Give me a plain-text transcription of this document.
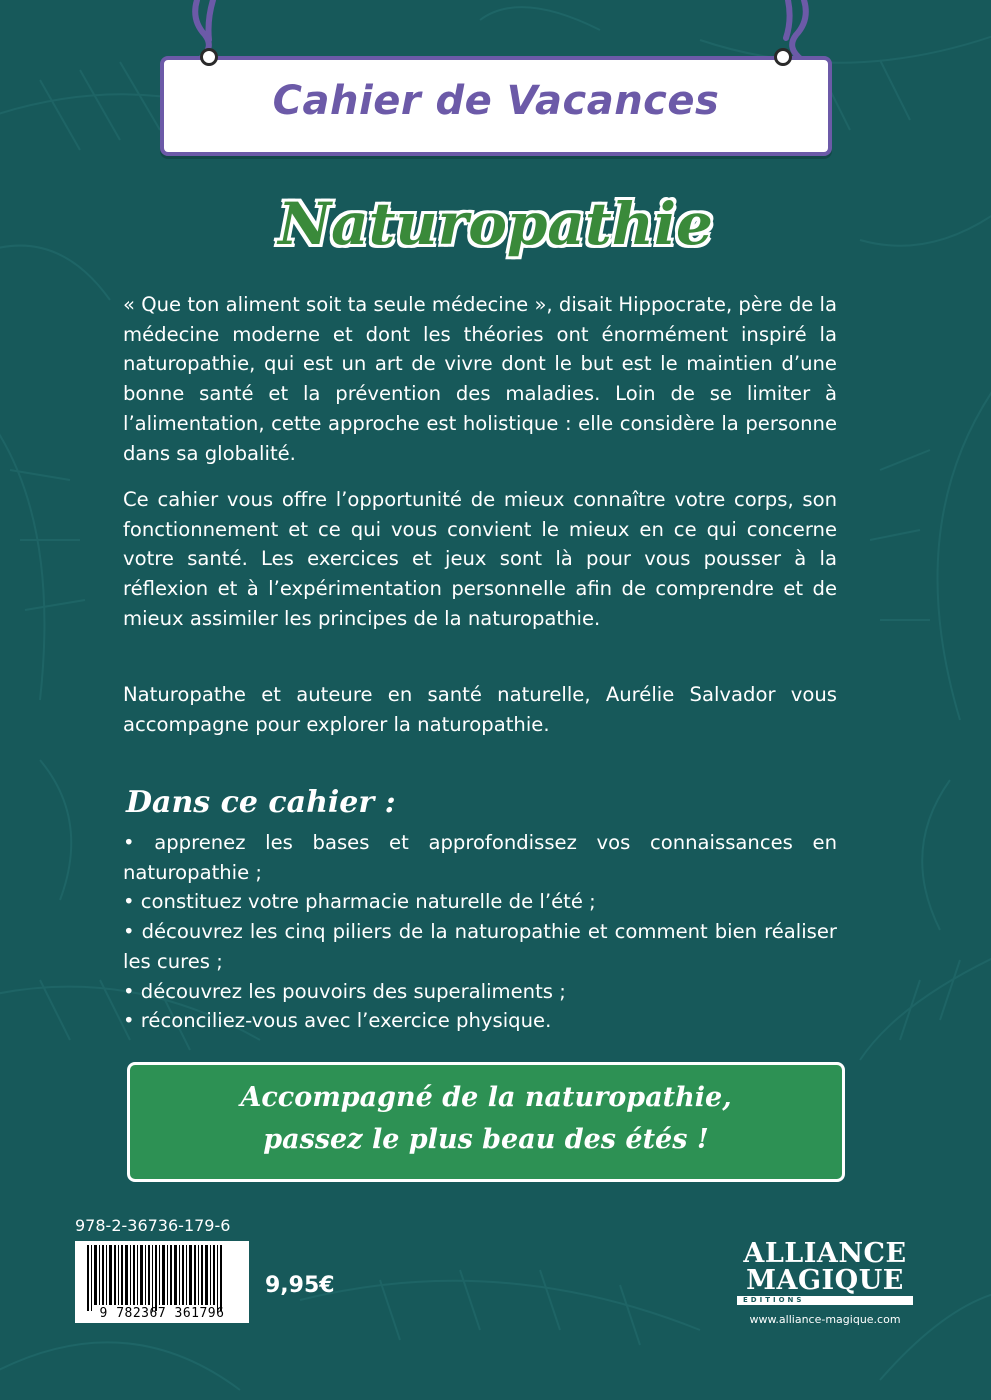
Cahier de Vacances
Naturopathie
« Que ton aliment soit ta seule médecine », disait Hippocrate, père de la médecine moderne et dont les théories ont énormément inspiré la naturopathie, qui est un art de vivre dont le but est le maintien d’une bonne santé et la prévention des maladies. Loin de se limiter à l’alimentation, cette approche est holistique : elle considère la personne dans sa globalité.
Ce cahier vous offre l’opportunité de mieux connaître votre corps, son fonctionnement et ce qui vous convient le mieux en ce qui concerne votre santé. Les exercices et jeux sont là pour vous pousser à la réflexion et à l’expérimentation personnelle afin de comprendre et de mieux assimiler les principes de la naturopathie.
Naturopathe et auteure en santé naturelle, Aurélie Salvador vous accompagne pour explorer la naturopathie.
Dans ce cahier :
• apprenez les bases et approfondissez vos connaissances en naturopathie ;
• constituez votre pharmacie naturelle de l’été ;
• découvrez les cinq piliers de la naturopathie et comment bien réaliser les cures ;
• découvrez les pouvoirs des superaliments ;
• réconciliez-vous avec l’exercice physique.
Accompagné de la naturopathie,
passez le plus beau des étés !
978-2-36736-179-6
9 782367 361796
9,95€
ALLIANCE
MAGIQUE
EDITIONS
www.alliance-magique.com
